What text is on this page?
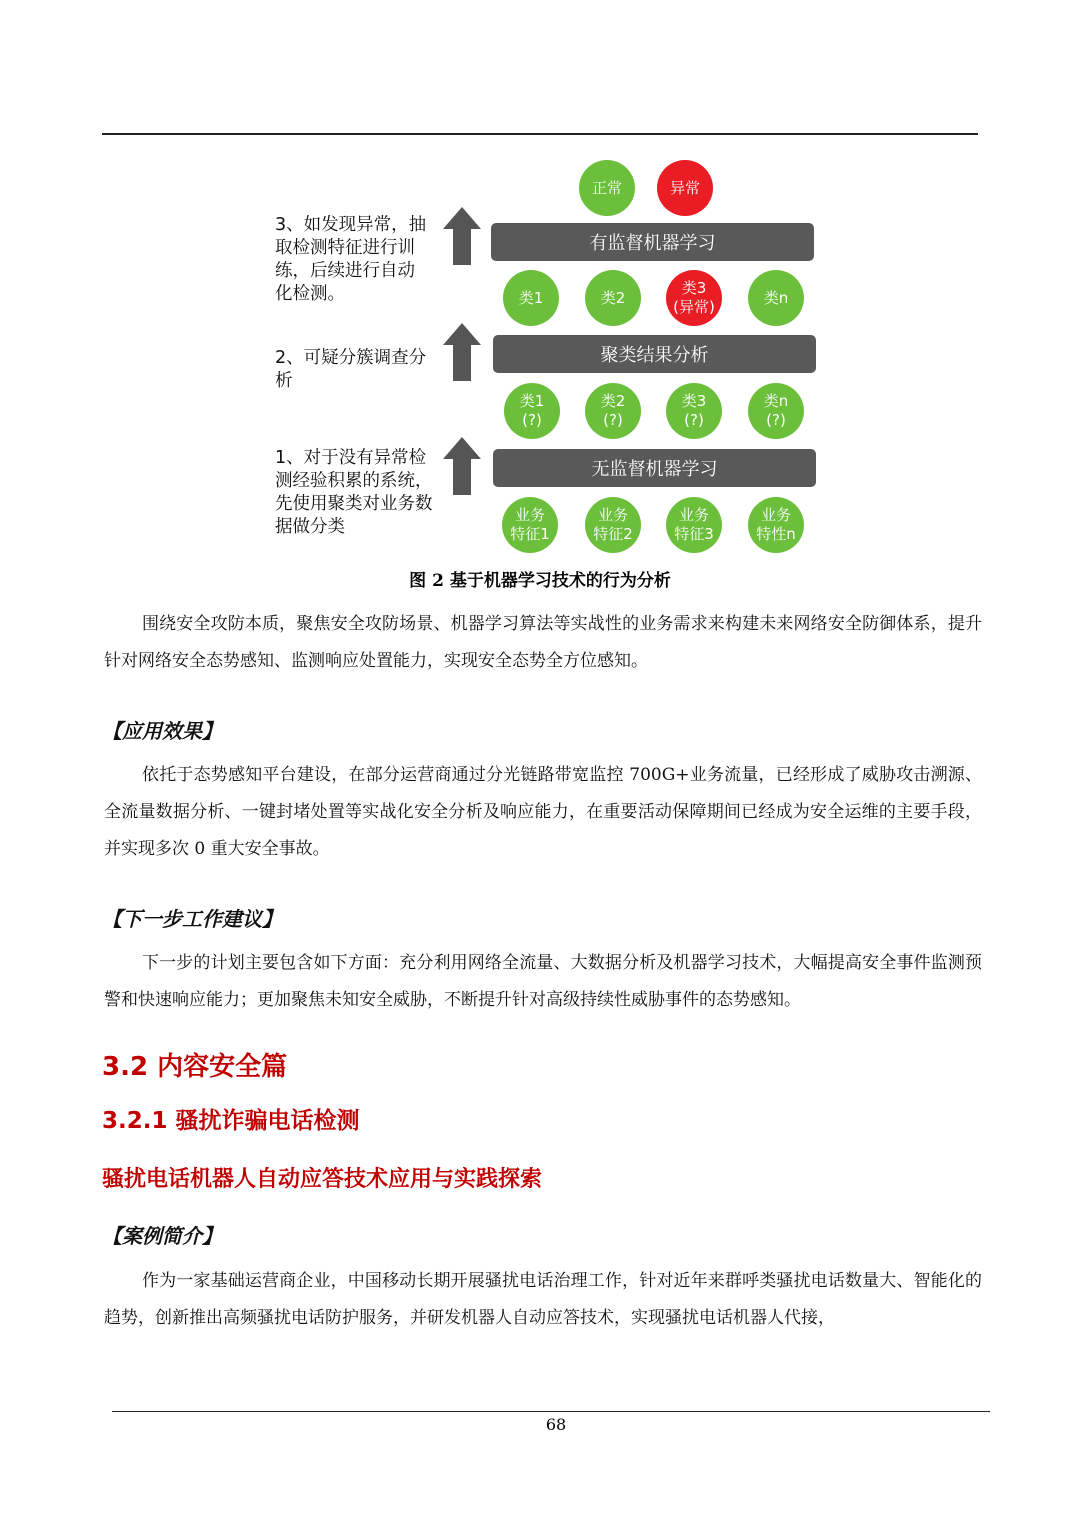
正常	异常
有监督机器学习
类1	类2
类3
(异常)
类n
聚类结果分析
类1
(?)
类2
(?)
类3
(?)
类n
(?)
无监督机器学习
业务
特征1
业务
特征2
业务
特征3
业务
特性n
3、如发现异常，抽
取检测特征进行训
练，后续进行自动
化检测。
2、可疑分簇调查分
析
1、对于没有异常检
测经验积累的系统，
先使用聚类对业务数
据做分类
图 2 基于机器学习技术的行为分析
围绕安全攻防本质，聚焦安全攻防场景、机器学习算法等实战性的业务需求来构建未来网络安全防御体系，提升针对网络安全态势感知、监测响应处置能力，实现安全态势全方位感知。
【应用效果】
依托于态势感知平台建设，在部分运营商通过分光链路带宽监控 700G+业务流量，已经形成了威胁攻击溯源、全流量数据分析、一键封堵处置等实战化安全分析及响应能力，在重要活动保障期间已经成为安全运维的主要手段，并实现多次 0 重大安全事故。
【下一步工作建议】
下一步的计划主要包含如下方面：充分利用网络全流量、大数据分析及机器学习技术，大幅提高安全事件监测预警和快速响应能力；更加聚焦未知安全威胁，不断提升针对高级持续性威胁事件的态势感知。
3.2 内容安全篇
3.2.1 骚扰诈骗电话检测
骚扰电话机器人自动应答技术应用与实践探索
【案例简介】
作为一家基础运营商企业，中国移动长期开展骚扰电话治理工作，针对近年来群呼类骚扰电话数量大、智能化的趋势，创新推出高频骚扰电话防护服务，并研发机器人自动应答技术，实现骚扰电话机器人代接，
68
